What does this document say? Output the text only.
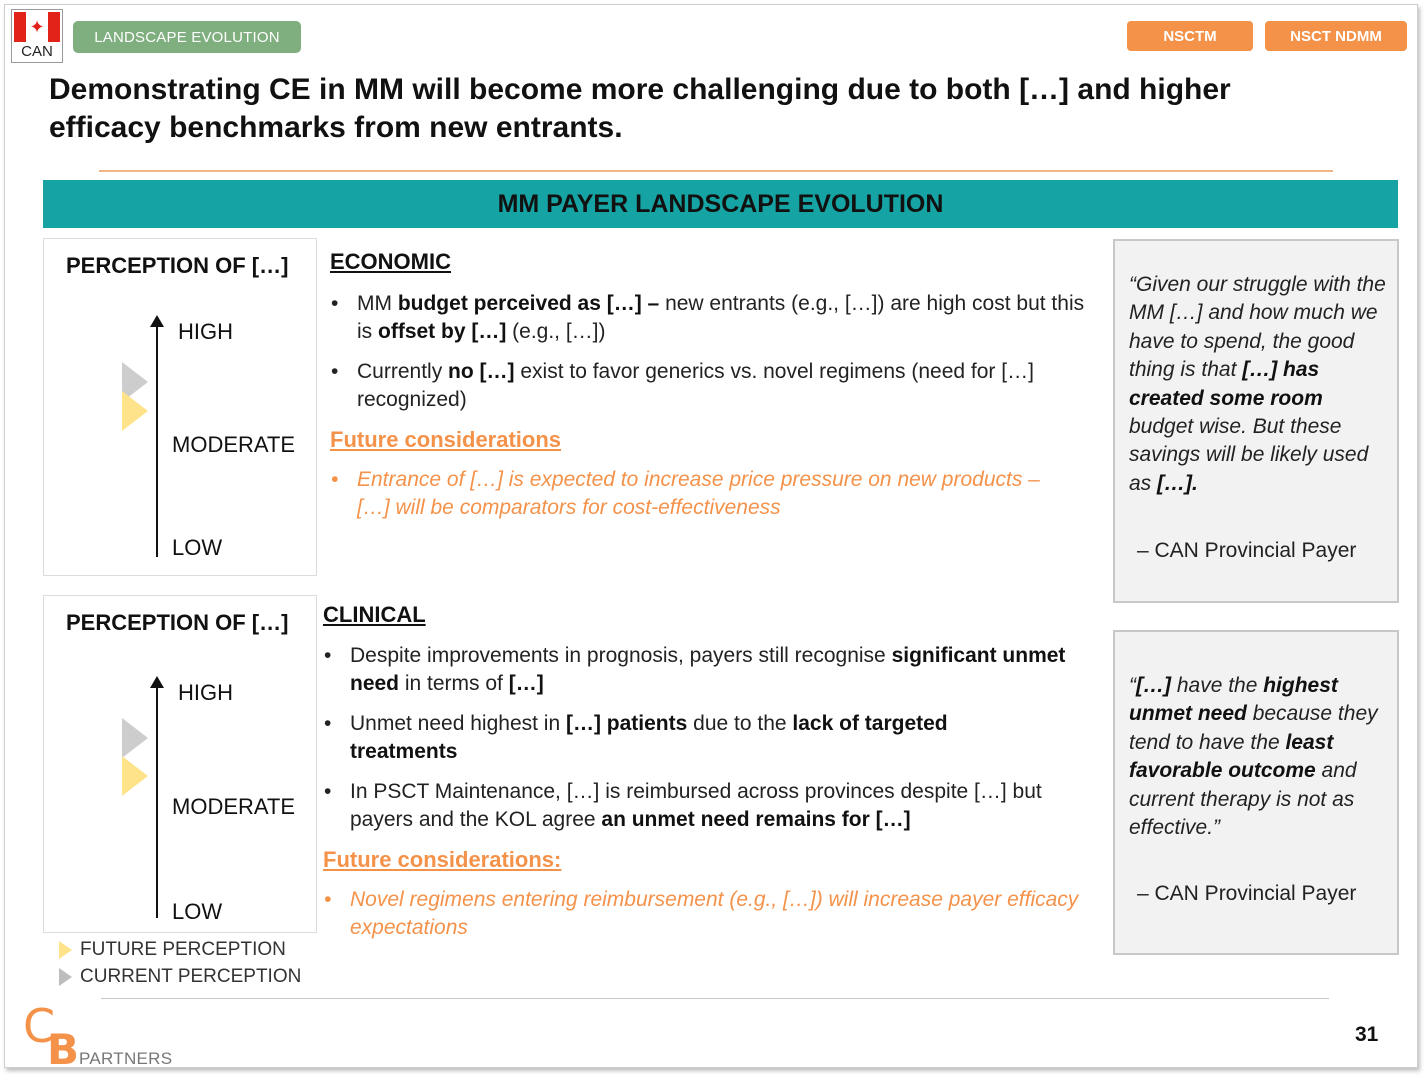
✦
CAN
LANDSCAPE EVOLUTION	NSCTM	NSCT NDMM
Demonstrating CE in MM will become more challenging due to both […] and higher efficacy benchmarks from new entrants.
MM PAYER LANDSCAPE EVOLUTION
PERCEPTION OF […]
HIGH
MODERATE
LOW
PERCEPTION OF […]
HIGH
MODERATE
LOW
ECONOMIC
• MM budget perceived as […] – new entrants (e.g., […]) are high cost but this is offset by […] (e.g., […])
• Currently no […] exist to favor generics vs. novel regimens (need for […] recognized)
Future considerations
• Entrance of […] is expected to increase price pressure on new products – […] will be comparators for cost-effectiveness
CLINICAL
• Despite improvements in prognosis, payers still recognise significant unmet need in terms of […]
• Unmet need highest in […] patients due to the lack of targeted treatments
• In PSCT Maintenance, […] is reimbursed across provinces despite […] but payers and the KOL agree an unmet need remains for […]
Future considerations:
• Novel regimens entering reimbursement (e.g., […]) will increase payer efficacy expectations
“Given our struggle with the MM […] and how much we have to spend, the good thing is that […] has created some room budget wise. But these savings will be likely used as […].
– CAN Provincial Payer
“[…] have the highest unmet need because they tend to have the least favorable outcome and current therapy is not as effective.”
– CAN Provincial Payer
FUTURE PERCEPTION
CURRENT PERCEPTION
C
B PARTNERS
31
